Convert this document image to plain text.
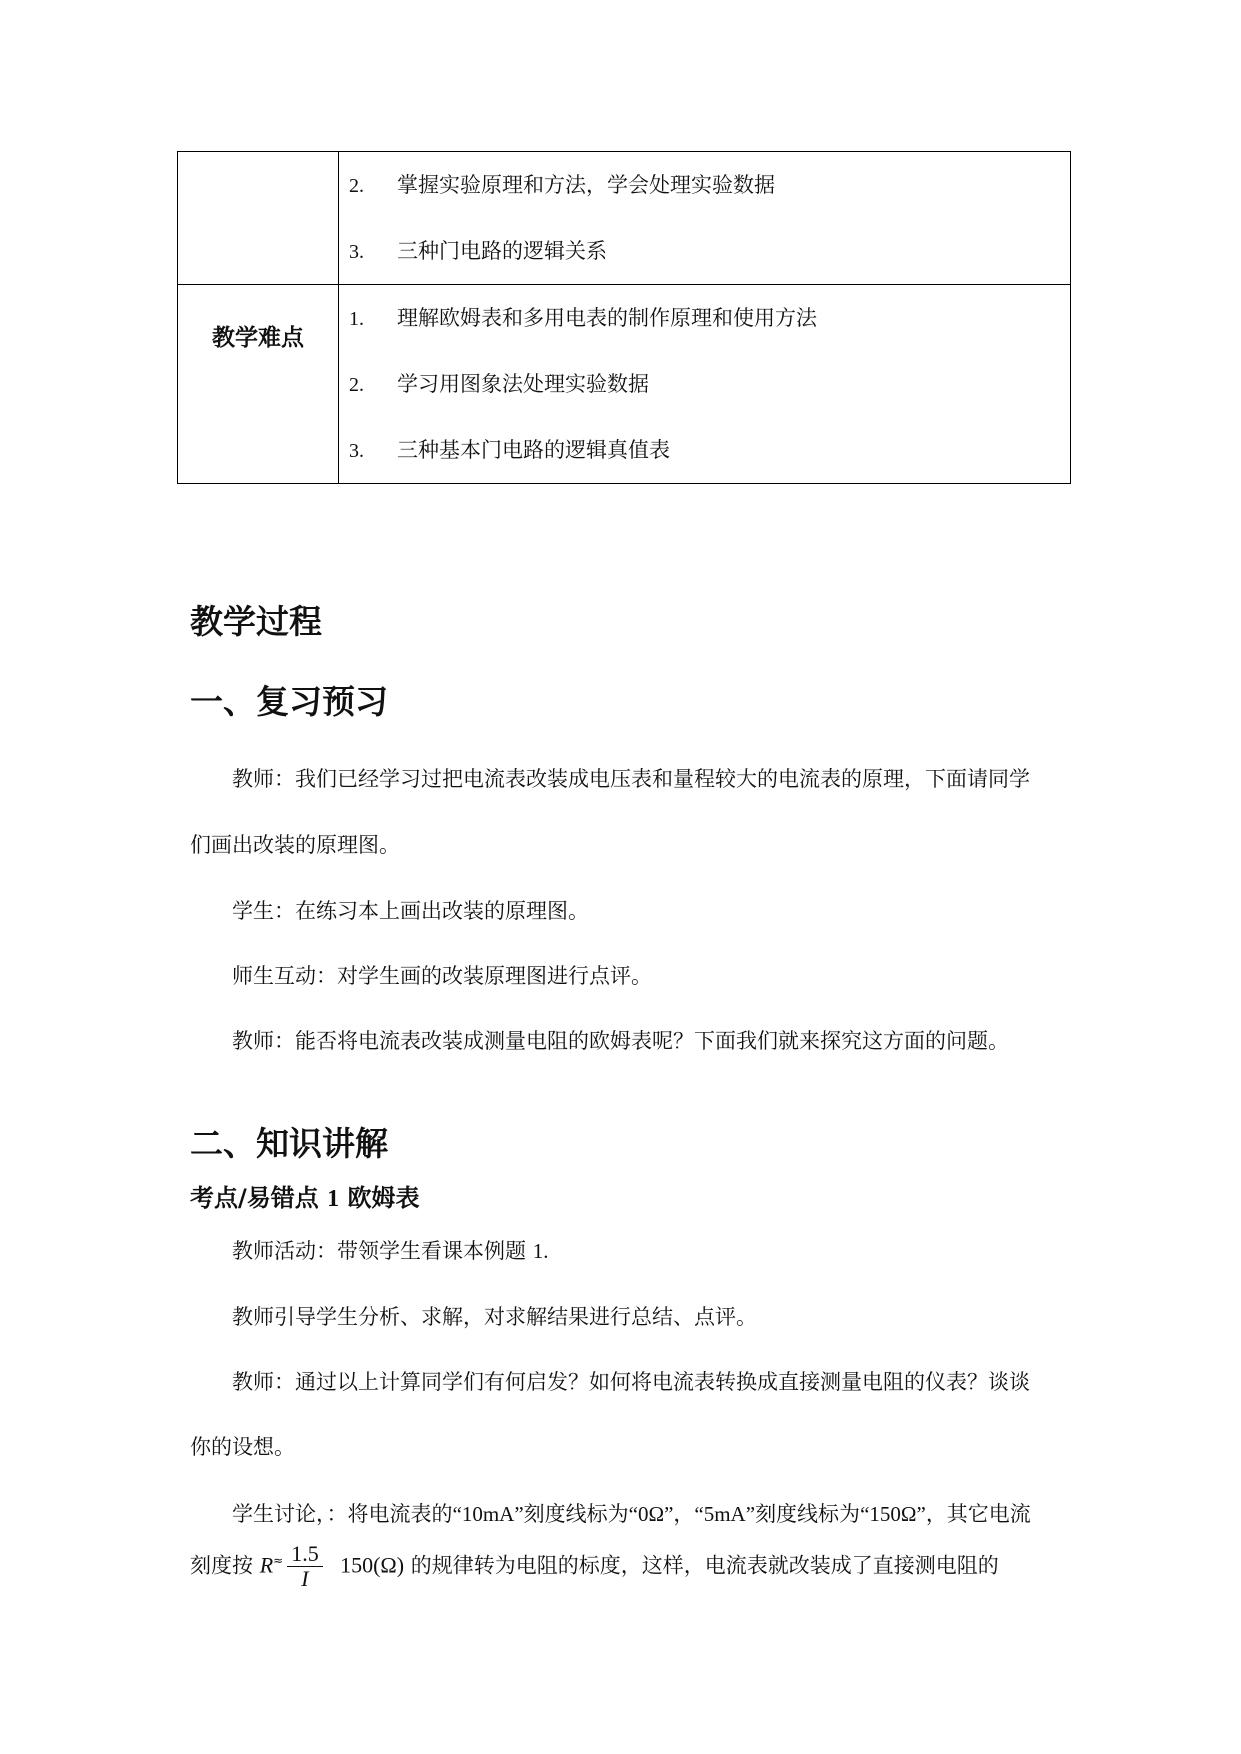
	2. 掌握实验原理和方法，学会处理实验数据
3. 三种门电路的逻辑关系

教学难点	1. 理解欧姆表和多用电表的制作原理和使用方法
2. 学习用图象法处理实验数据
3. 三种基本门电路的逻辑真值表
教学过程
一、复习预习
教师：我们已经学习过把电流表改装成电压表和量程较大的电流表的原理，下面请同学
们画出改装的原理图。
学生：在练习本上画出改装的原理图。
师生互动：对学生画的改装原理图进行点评。
教师：能否将电流表改装成测量电阻的欧姆表呢？下面我们就来探究这方面的问题。
二、知识讲解
考点/易错点 1 欧姆表
教师活动：带领学生看课本例题 1.
教师引导学生分析、求解，对求解结果进行总结、点评。
教师：通过以上计算同学们有何启发？如何将电流表转换成直接测量电阻的仪表？谈谈
你的设想。
学生讨论，：将电流表的“10mA”刻度线标为“0Ω”，“5mA”刻度线标为“150Ω”，其它电流
刻度按 $R^\approx \frac{1.5}{I} 150(\Omega)$ 的规律转为电阻的标度，这样，电流表就改装成了直接测电阻的
